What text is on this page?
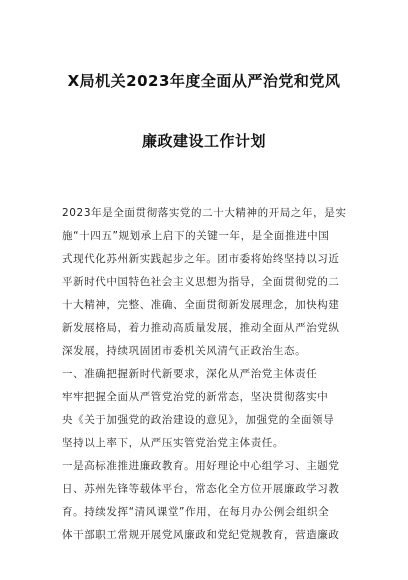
X局机关2023年度全面从严治党和党风
廉政建设工作计划
2023年是全面贯彻落实党的二十大精神的开局之年，是实
施“十四五”规划承上启下的关键一年，是全面推进中国
式现代化苏州新实践起步之年。团市委将始终坚持以习近
平新时代中国特色社会主义思想为指导，全面贯彻党的二
十大精神，完整、准确、全面贯彻新发展理念，加快构建
新发展格局，着力推动高质量发展，推动全面从严治党纵
深发展，持续巩固团市委机关风清气正政治生态。
一、准确把握新时代新要求，深化从严治党主体责任
牢牢把握全面从严管党治党的新常态，坚决贯彻落实中
央《关于加强党的政治建设的意见》，加强党的全面领导
坚持以上率下，从严压实管党治党主体责任。
一是高标准推进廉政教育。用好理论中心组学习、主题党
日、苏州先锋等载体平台，常态化全方位开展廉政学习教
育。持续发挥“清风课堂”作用，在每月办公例会组织全
体干部职工常规开展党风廉政和党纪党规教育，营造廉政
